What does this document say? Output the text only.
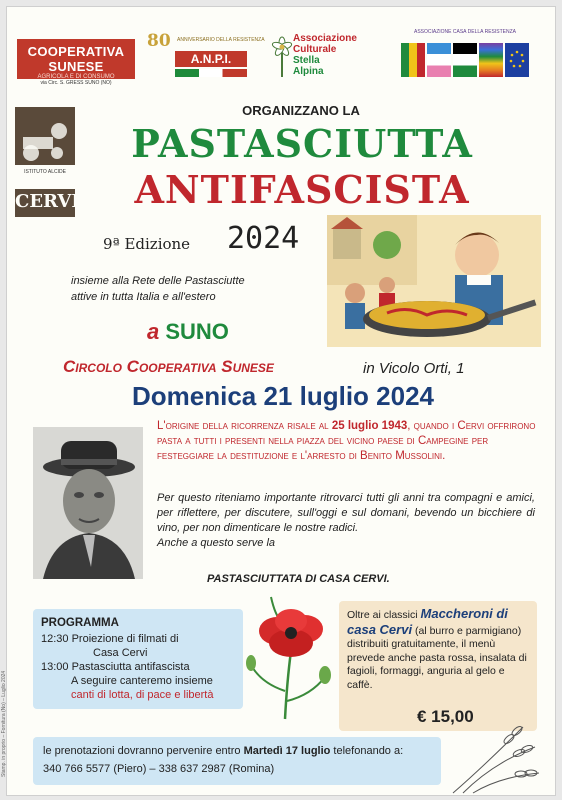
COOPERATIVA SUNESE
AGRICOLA E DI CONSUMO
via Circ. S. GRESS SUNO (NO)
80 ANNIVERSARIO DELLA RESISTENZA
A.N.P.I.
Associazione
Culturale
Stella
Alpina
ASSOCIAZIONE CASA DELLA RESISTENZA
ISTITUTO ALCIDE
CERVI
ORGANIZZANO LA
PASTASCIUTTA
ANTIFASCISTA
9ª Edizione 2024
insieme alla Rete delle Pastasciutte
attive in tutta Italia e all'estero
a SUNO
Circolo Cooperativa Sunese	in Vicolo Orti, 1
Domenica 21 luglio 2024
L'origine della ricorrenza risale al 25 luglio 1943, quando i Cervi offrirono pasta a tutti i presenti nella piazza del vicino paese di Campegine per festeggiare la destituzione e l'arresto di Benito Mussolini.
Per questo riteniamo importante ritrovarci tutti gli anni tra compagni e amici, per riflettere, per discutere, sull'oggi e sul domani, bevendo un bicchiere di vino, per non dimenticare le nostre radici.
Anche a questo serve la
PASTASCIUTTATA DI CASA CERVI.
PROGRAMMA
12:30 Proiezione di filmati di
Casa Cervi
13:00 Pastasciutta antifascista
A seguire canteremo insieme
canti di lotta, di pace e libertà
Oltre ai classici Maccheroni di casa Cervi (al burro e parmigiano) distribuiti gratuitamente, il menù prevede anche pasta rossa, insalata di fagioli, formaggi, anguria al gelo e caffè.
€ 15,00
le prenotazioni dovranno pervenire entro Martedì 17 luglio telefonando a:
340 766 5577 (Piero) – 338 637 2987 (Romina)
Stamp. in proprio – Fornitura (No) – Luglio 2024
